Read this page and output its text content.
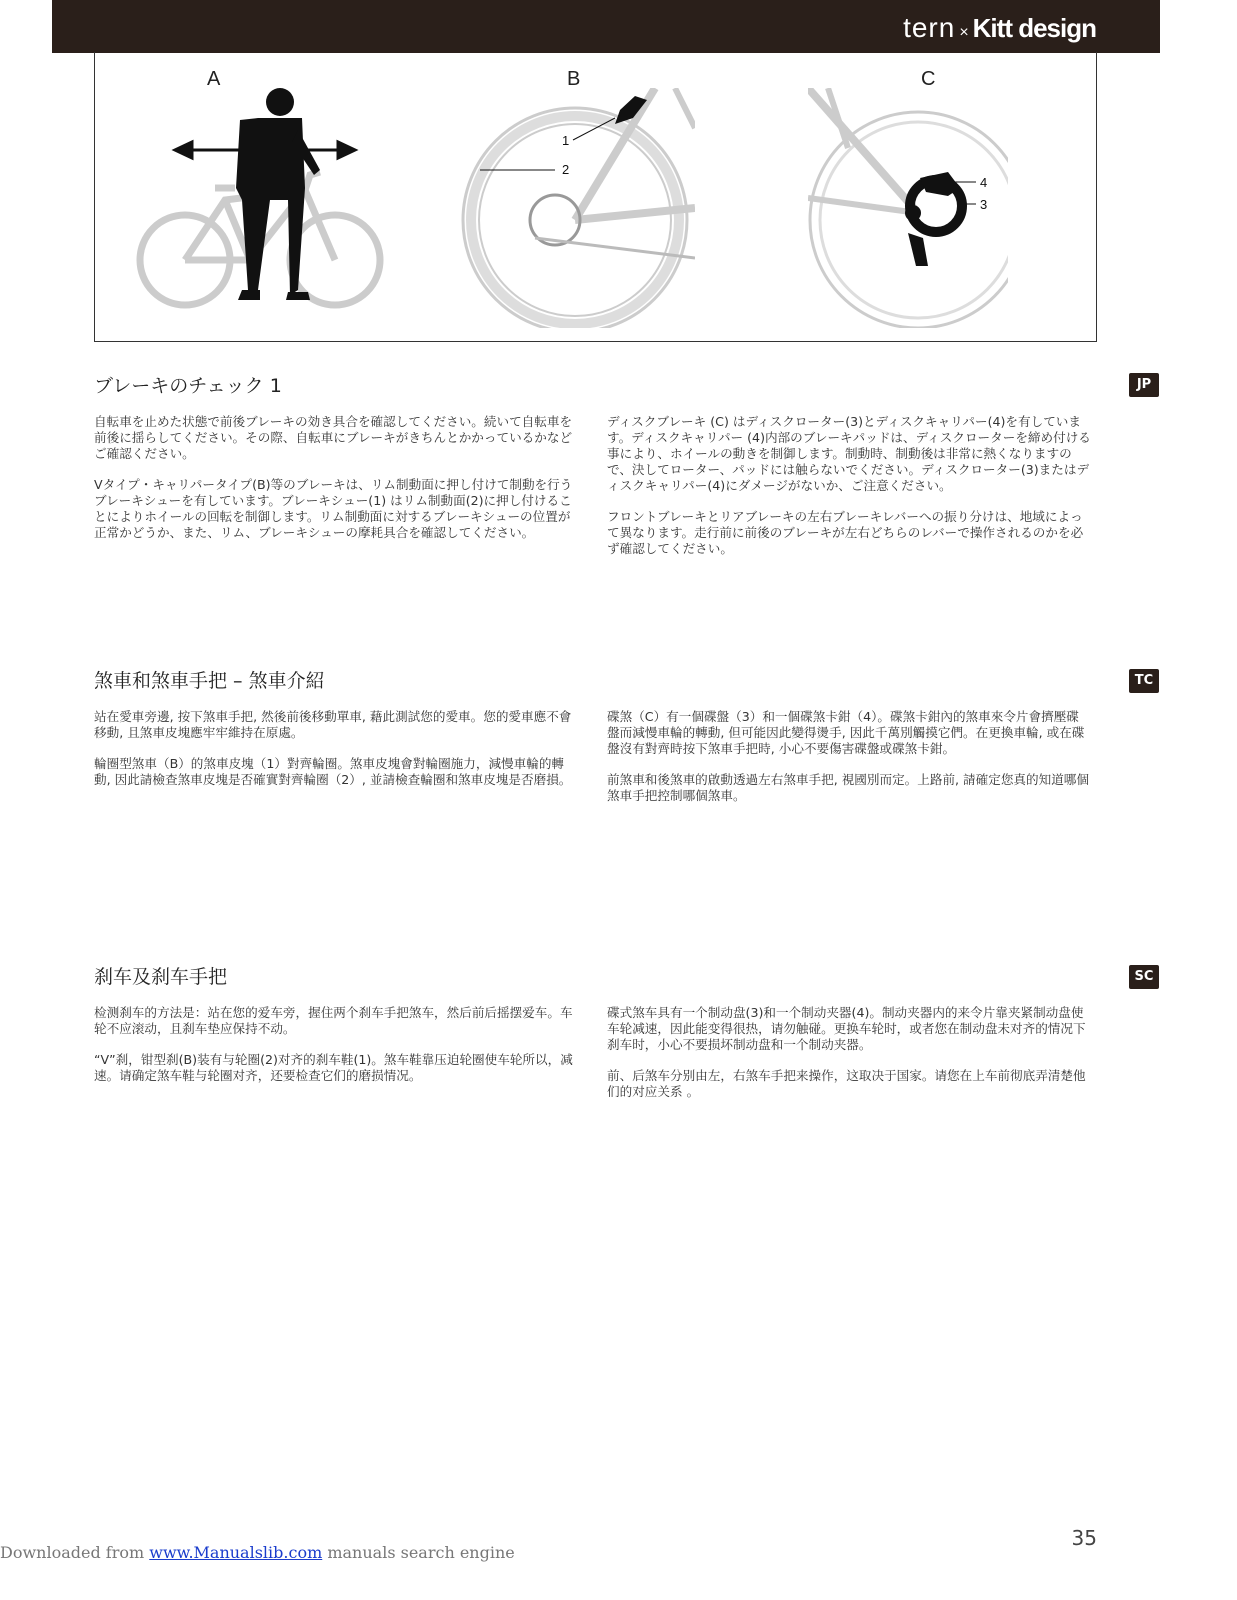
tern × Kitt design
A	B	C
1
2
4
3
JP
ブレーキのチェック 1

自転車を止めた状態で前後ブレーキの効き具合を確認してください。続いて自転車を前後に揺らしてください。その際、自転車にブレーキがきちんとかかっているかなどご確認ください。

Vタイプ・キャリパータイプ(B)等のブレーキは、リム制動面に押し付けて制動を行うブレーキシューを有しています。ブレーキシュー(1) はリム制動面(2)に押し付けることによりホイールの回転を制御します。リム制動面に対するブレーキシューの位置が正常かどうか、また、リム、ブレーキシューの摩耗具合を確認してください。

ディスクブレーキ (C) はディスクローター(3)とディスクキャリパー(4)を有しています。ディスクキャリパー (4)内部のブレーキパッドは、ディスクローターを締め付ける事により、ホイールの動きを制御します。制動時、制動後は非常に熱くなりますので、決してローター、パッドには触らないでください。ディスクローター(3)またはディスクキャリパー(4)にダメージがないか、ご注意ください。

フロントブレーキとリアブレーキの左右ブレーキレバーへの振り分けは、地域によって異なります。走行前に前後のブレーキが左右どちらのレバーで操作されるのかを必ず確認してください。

TC
煞車和煞車手把 – 煞車介紹

站在愛車旁邊, 按下煞車手把, 然後前後移動單車, 藉此測試您的愛車。您的愛車應不會移動, 且煞車皮塊應牢牢維持在原處。

輪圈型煞車（B）的煞車皮塊（1）對齊輪圈。煞車皮塊會對輪圈施力，減慢車輪的轉動, 因此請檢查煞車皮塊是否確實對齊輪圈（2）, 並請檢查輪圈和煞車皮塊是否磨損。

碟煞（C）有一個碟盤（3）和一個碟煞卡鉗（4）。碟煞卡鉗內的煞車來令片會擠壓碟盤而減慢車輪的轉動, 但可能因此變得燙手, 因此千萬別觸摸它們。在更換車輪, 或在碟盤沒有對齊時按下煞車手把時, 小心不要傷害碟盤或碟煞卡鉗。

前煞車和後煞車的啟動透過左右煞車手把, 視國別而定。上路前, 請確定您真的知道哪個煞車手把控制哪個煞車。

SC
刹车及刹车手把

检测刹车的方法是：站在您的爱车旁，握住两个刹车手把煞车，然后前后摇摆爱车。车轮不应滚动，且刹车垫应保持不动。

“V”刹，钳型刹(B)装有与轮圈(2)对齐的刹车鞋(1)。煞车鞋靠压迫轮圈使车轮所以，减速。请确定煞车鞋与轮圈对齐，还要检查它们的磨损情况。

碟式煞车具有一个制动盘(3)和一个制动夹器(4)。制动夹器内的来令片靠夹紧制动盘使车轮减速，因此能变得很热，请勿触碰。更换车轮时，或者您在制动盘未对齐的情况下刹车时，小心不要损坏制动盘和一个制动夹器。

前、后煞车分别由左，右煞车手把来操作，这取决于国家。请您在上车前彻底弄清楚他们的对应关系 。

35
Downloaded from www.Manualslib.com manuals search engine
